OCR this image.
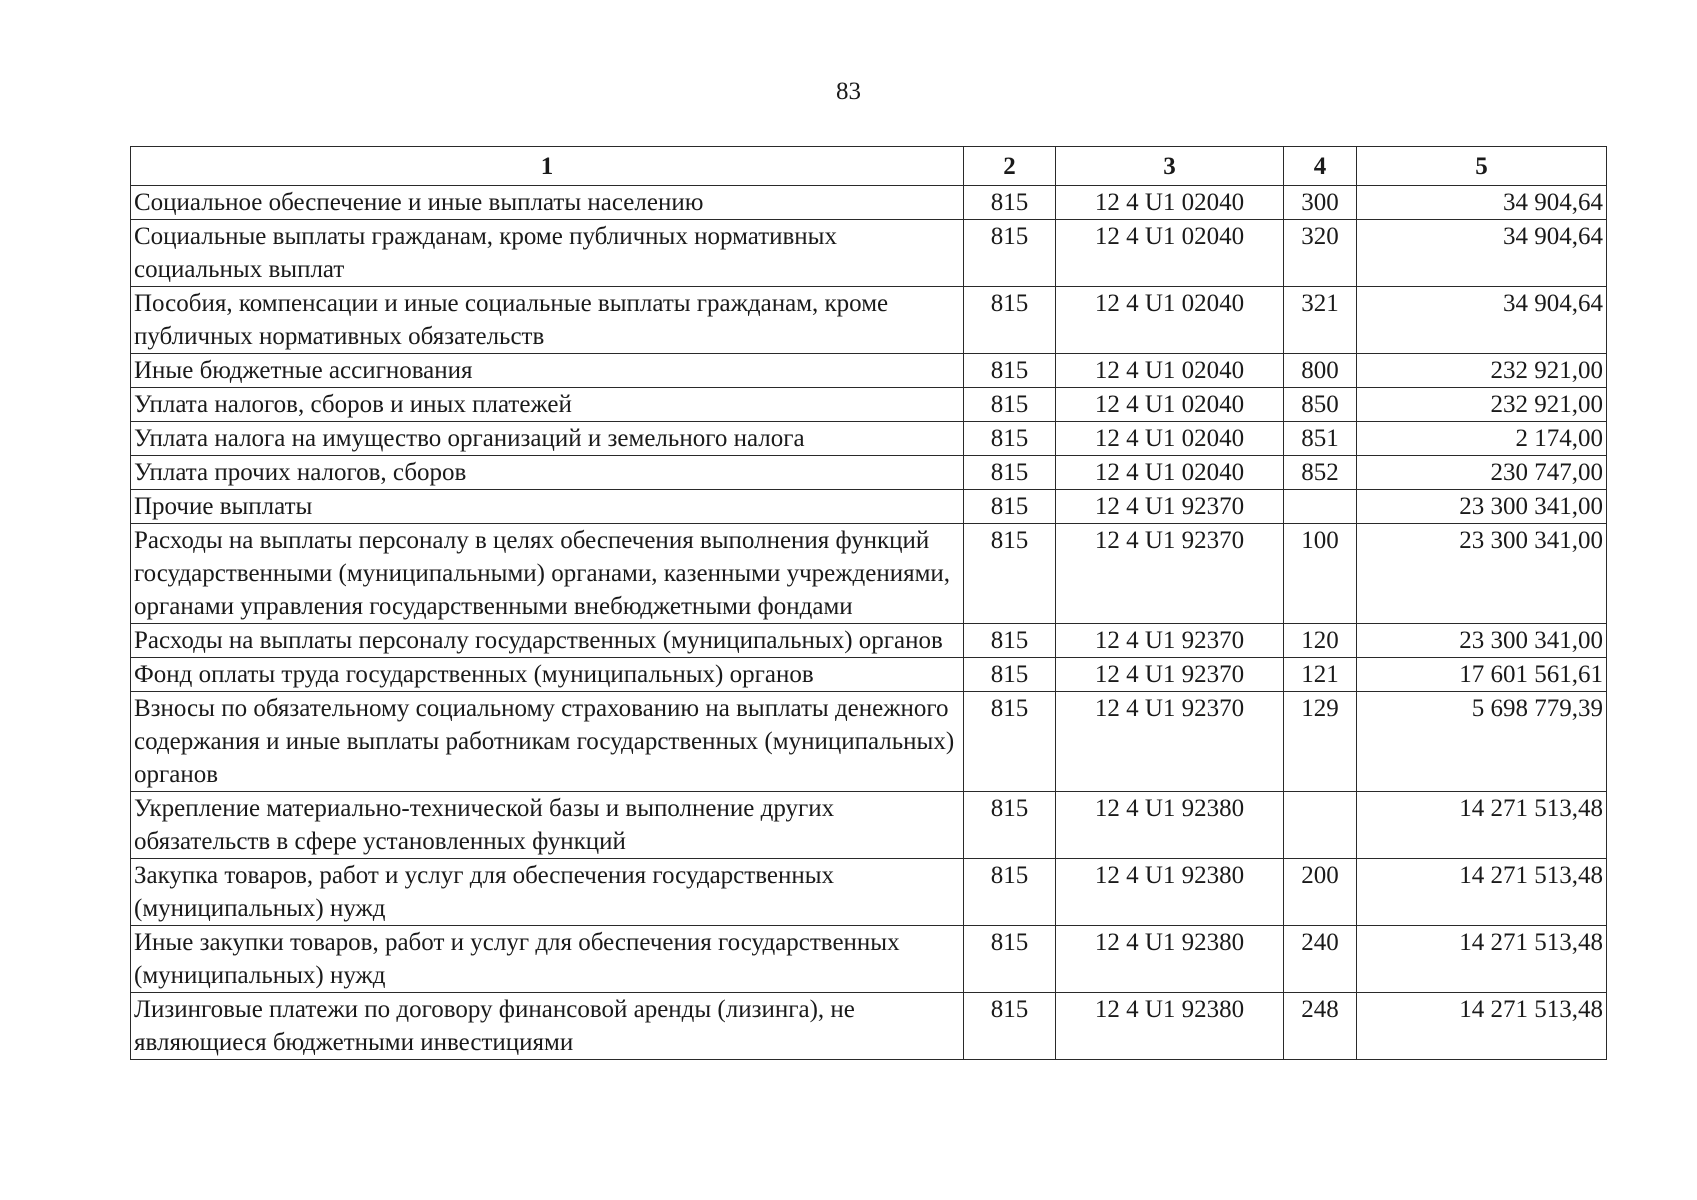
83
1	2	3	4	5
Социальное обеспечение и иные выплаты населению	815	12 4 U1 02040	300	34 904,64
Социальные выплаты гражданам, кроме публичных нормативных социальных выплат	815	12 4 U1 02040	320	34 904,64
Пособия, компенсации и иные социальные выплаты гражданам, кроме публичных нормативных обязательств	815	12 4 U1 02040	321	34 904,64
Иные бюджетные ассигнования	815	12 4 U1 02040	800	232 921,00
Уплата налогов, сборов и иных платежей	815	12 4 U1 02040	850	232 921,00
Уплата налога на имущество организаций и земельного налога	815	12 4 U1 02040	851	2 174,00
Уплата прочих налогов, сборов	815	12 4 U1 02040	852	230 747,00
Прочие выплаты	815	12 4 U1 92370		23 300 341,00
Расходы на выплаты персоналу в целях обеспечения выполнения функций государственными (муниципальными) органами, казенными учреждениями, органами управления государственными внебюджетными фондами	815	12 4 U1 92370	100	23 300 341,00
Расходы на выплаты персоналу государственных (муниципальных) органов	815	12 4 U1 92370	120	23 300 341,00
Фонд оплаты труда государственных (муниципальных) органов	815	12 4 U1 92370	121	17 601 561,61
Взносы по обязательному социальному страхованию на выплаты денежного содержания и иные выплаты работникам государственных (муниципальных) органов	815	12 4 U1 92370	129	5 698 779,39
Укрепление материально-технической базы и выполнение других обязательств в сфере установленных функций	815	12 4 U1 92380		14 271 513,48
Закупка товаров, работ и услуг для обеспечения государственных (муниципальных) нужд	815	12 4 U1 92380	200	14 271 513,48
Иные закупки товаров, работ и услуг для обеспечения государственных (муниципальных) нужд	815	12 4 U1 92380	240	14 271 513,48
Лизинговые платежи по договору финансовой аренды (лизинга), не являющиеся бюджетными инвестициями	815	12 4 U1 92380	248	14 271 513,48
